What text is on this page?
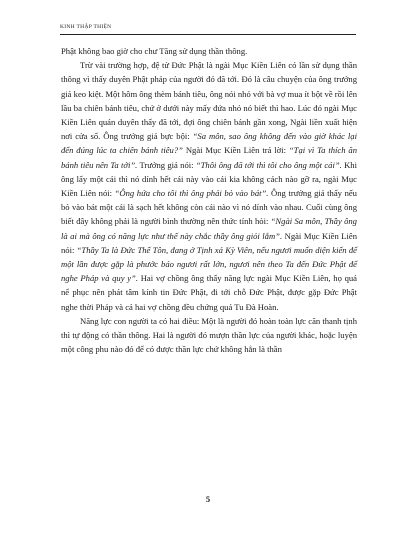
KINH THẬP THIỆN

Phật không bao giờ cho chư Tăng sử dụng thần thông.

Trừ vài trường hợp, đệ tử Đức Phật là ngài Mục Kiền Liên có lần sử dụng thần thông vì thấy duyên Phật pháp của người đó đã tới. Đó là câu chuyện của ông trưởng giả keo kiệt. Một hôm ông thèm bánh tiêu, ông nói nhỏ với bà vợ mua ít bột về rồi lên lầu ba chiên bánh tiêu, chứ ở dưới này mấy đứa nhỏ nó biết thì hao. Lúc đó ngài Mục Kiền Liên quán duyên thấy đã tới, đợi ông chiên bánh gần xong, Ngài liền xuất hiện nơi cửa sổ. Ông trưởng giả bực bội: “Sa môn, sao ông không đến vào giờ khác lại đến đúng lúc ta chiên bánh tiêu?” Ngài Mục Kiền Liên trả lời: “Tại vì Ta thích ăn bánh tiêu nên Ta tới”. Trưởng giả nói: “Thôi ông đã tới thì tôi cho ông một cái”. Khi ông lấy một cái thì nó dính hết cái này vào cái kia không cách nào gỡ ra, ngài Mục Kiền Liên nói: “Ông hứa cho tôi thì ông phải bỏ vào bát”. Ông trưởng giả thấy nếu bỏ vào bát một cái là sạch hết không còn cái nào vì nó dính vào nhau. Cuối cùng ông biết đây không phải là người bình thường nên thức tỉnh hỏi: “Ngài Sa môn, Thầy ông là ai mà ông có năng lực như thế này chắc thầy ông giỏi lắm”. Ngài Mục Kiền Liên nói: “Thầy Ta là Đức Thế Tôn, đang ở Tịnh xá Kỳ Viên, nếu ngươi muốn diện kiến để một lần được gặp là phước báo ngươi rất lớn, ngươi nên theo Ta đến Đức Phật để nghe Pháp và quy y”. Hai vợ chồng ông thấy năng lực ngài Mục Kiền Liên, họ quá nể phục nên phát tâm kính tin Đức Phật, đi tới chỗ Đức Phật, được gặp Đức Phật nghe thời Pháp và cả hai vợ chồng đều chứng quả Tu Đà Hoàn.

Năng lực con người ta có hai điều: Một là người đó hoàn toàn lực căn thanh tịnh thì tự động có thần thông. Hai là người đó mượn thần lực của người khác, hoặc luyện một công phu nào đó để có được thần lực chứ không hẳn là thần

5
